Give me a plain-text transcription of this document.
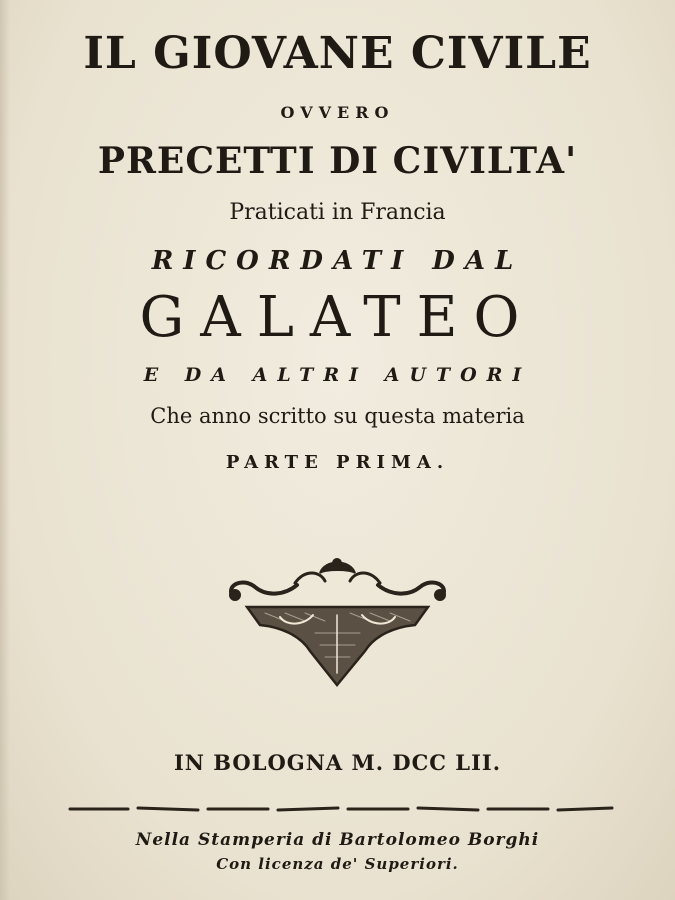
IL GIOVANE CIVILE
OVVERO
PRECETTI DI CIVILTA'
Praticati in Francia
RICORDATI DAL
GALATEO
E DA ALTRI AUTORI
Che anno scritto su questa materia
PARTE PRIMA.
IN BOLOGNA M. DCC LII.
Nella Stamperia di Bartolomeo Borghi
Con licenza de' Superiori.
